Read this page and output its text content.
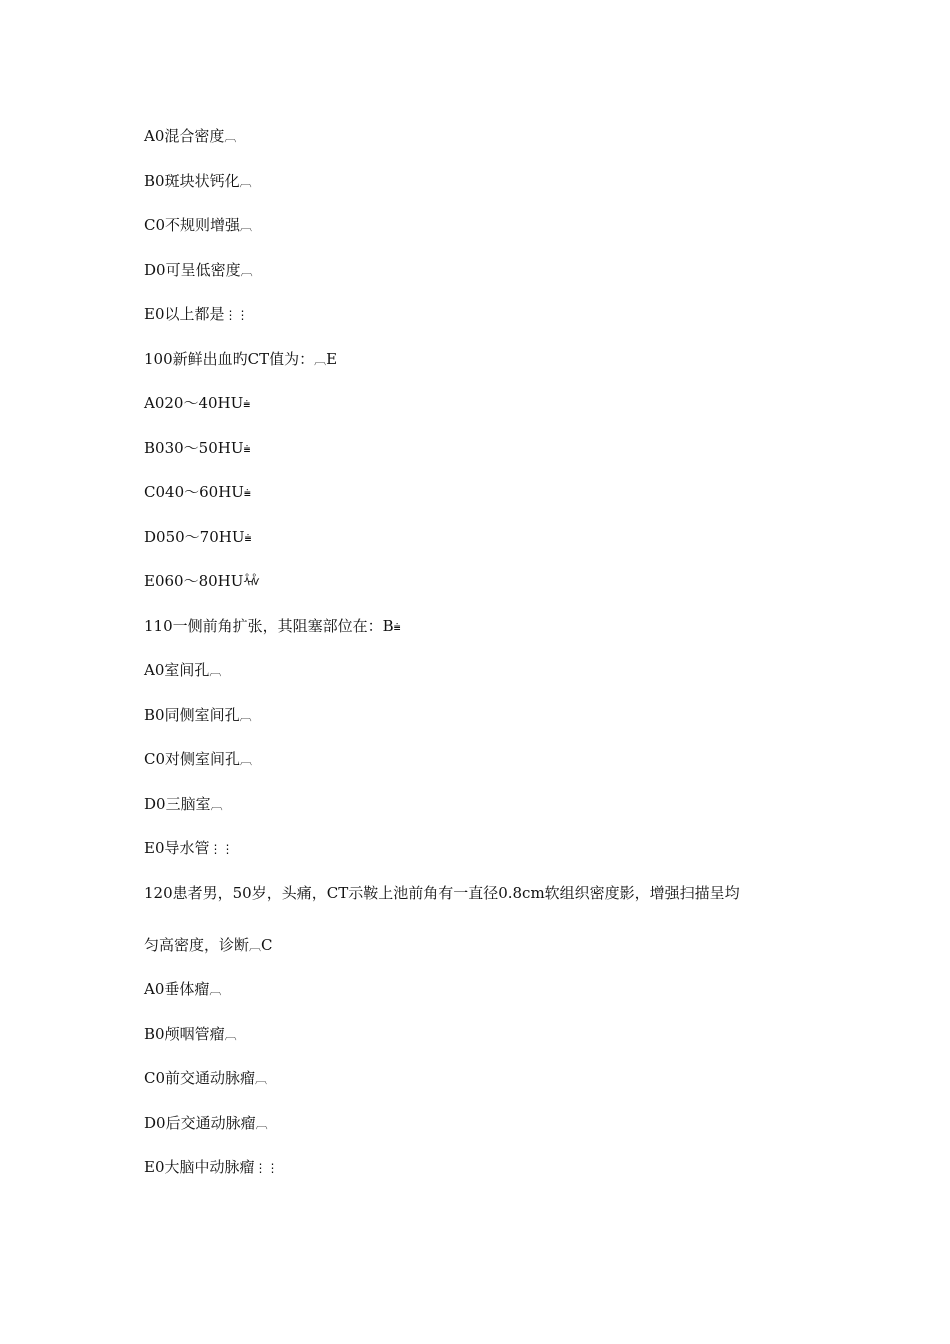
A0混合密度︹
B0斑块状钙化︹
C0不规则增强︹
D0可呈低密度︹
E0以上都是⋮⋮
100新鲜出血旳CT值为：︹E
A020～40HU⩧
B030～50HU⩧
C040～60HU⩧
D050～70HU⩧
E060～80HUᢥᢥ
110一侧前角扩张，其阻塞部位在：B⩧
A0室间孔︹
B0同侧室间孔︹
C0对侧室间孔︹
D0三脑室︹
E0导水管⋮⋮
120患者男，50岁，头痛，CT示鞍上池前角有一直径0.8cm软组织密度影，增强扫描呈均
匀高密度，诊断︹C
A0垂体瘤︹
B0颅咽管瘤︹
C0前交通动脉瘤︹
D0后交通动脉瘤︹
E0大脑中动脉瘤⋮⋮
